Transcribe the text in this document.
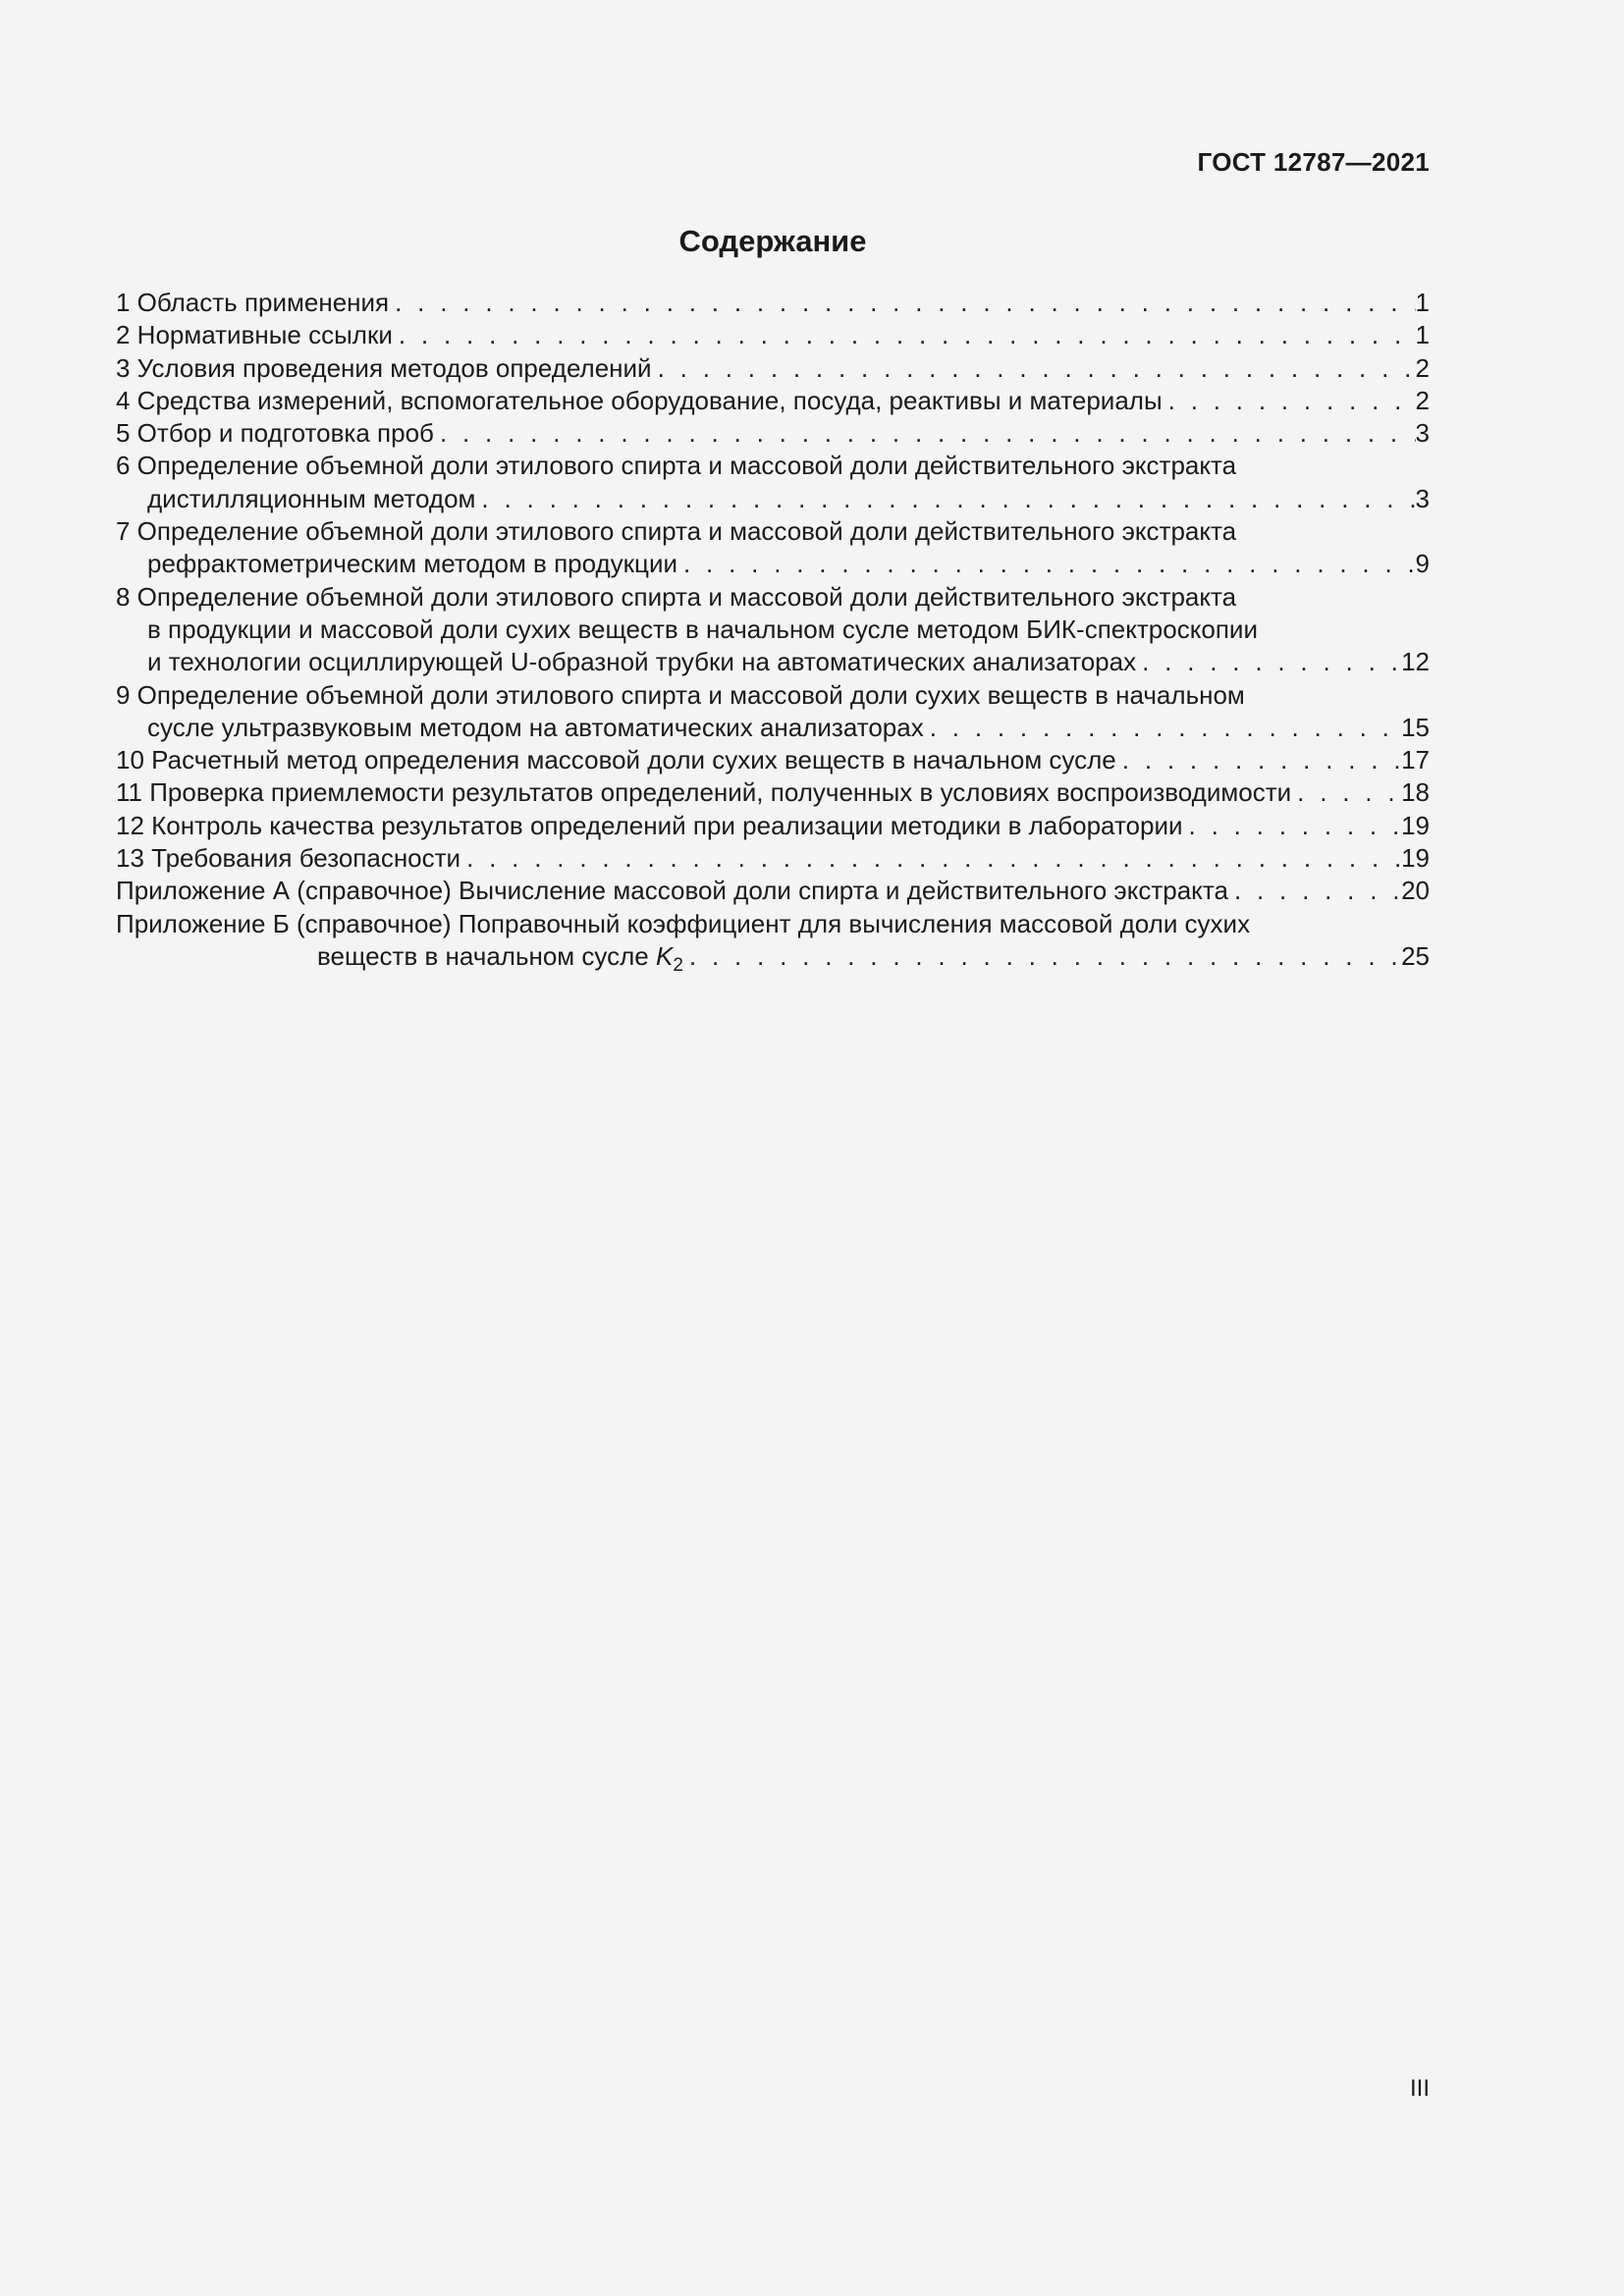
ГОСТ 12787—2021
Содержание
1 Область применения . . .	1
2 Нормативные ссылки . . .	1
3 Условия проведения методов определений . . .	2
4 Средства измерений, вспомогательное оборудование, посуда, реактивы и материалы . . .	2
5 Отбор и подготовка проб . . .	3
6 Определение объемной доли этилового спирта и массовой доли действительного экстракта
дистилляционным методом . . .	3
7 Определение объемной доли этилового спирта и массовой доли действительного экстракта
рефрактометрическим методом в продукции . . .	9
8 Определение объемной доли этилового спирта и массовой доли действительного экстракта
в продукции и массовой доли сухих веществ в начальном сусле методом БИК-спектроскопии
и технологии осциллирующей U-образной трубки на автоматических анализаторах . . .	12
9 Определение объемной доли этилового спирта и массовой доли сухих веществ в начальном
сусле ультразвуковым методом на автоматических анализаторах . . .	15
10 Расчетный метод определения массовой доли сухих веществ в начальном сусле . . .	17
11 Проверка приемлемости результатов определений, полученных в условиях воспроизводимости . . .	18
12 Контроль качества результатов определений при реализации методики в лаборатории . . .	19
13 Требования безопасности . . .	19
Приложение А (справочное) Вычисление массовой доли спирта и действительного экстракта . . .	20
Приложение Б (справочное) Поправочный коэффициент для вычисления массовой доли сухих
веществ в начальном сусле $K_2$ . . .	25
III
